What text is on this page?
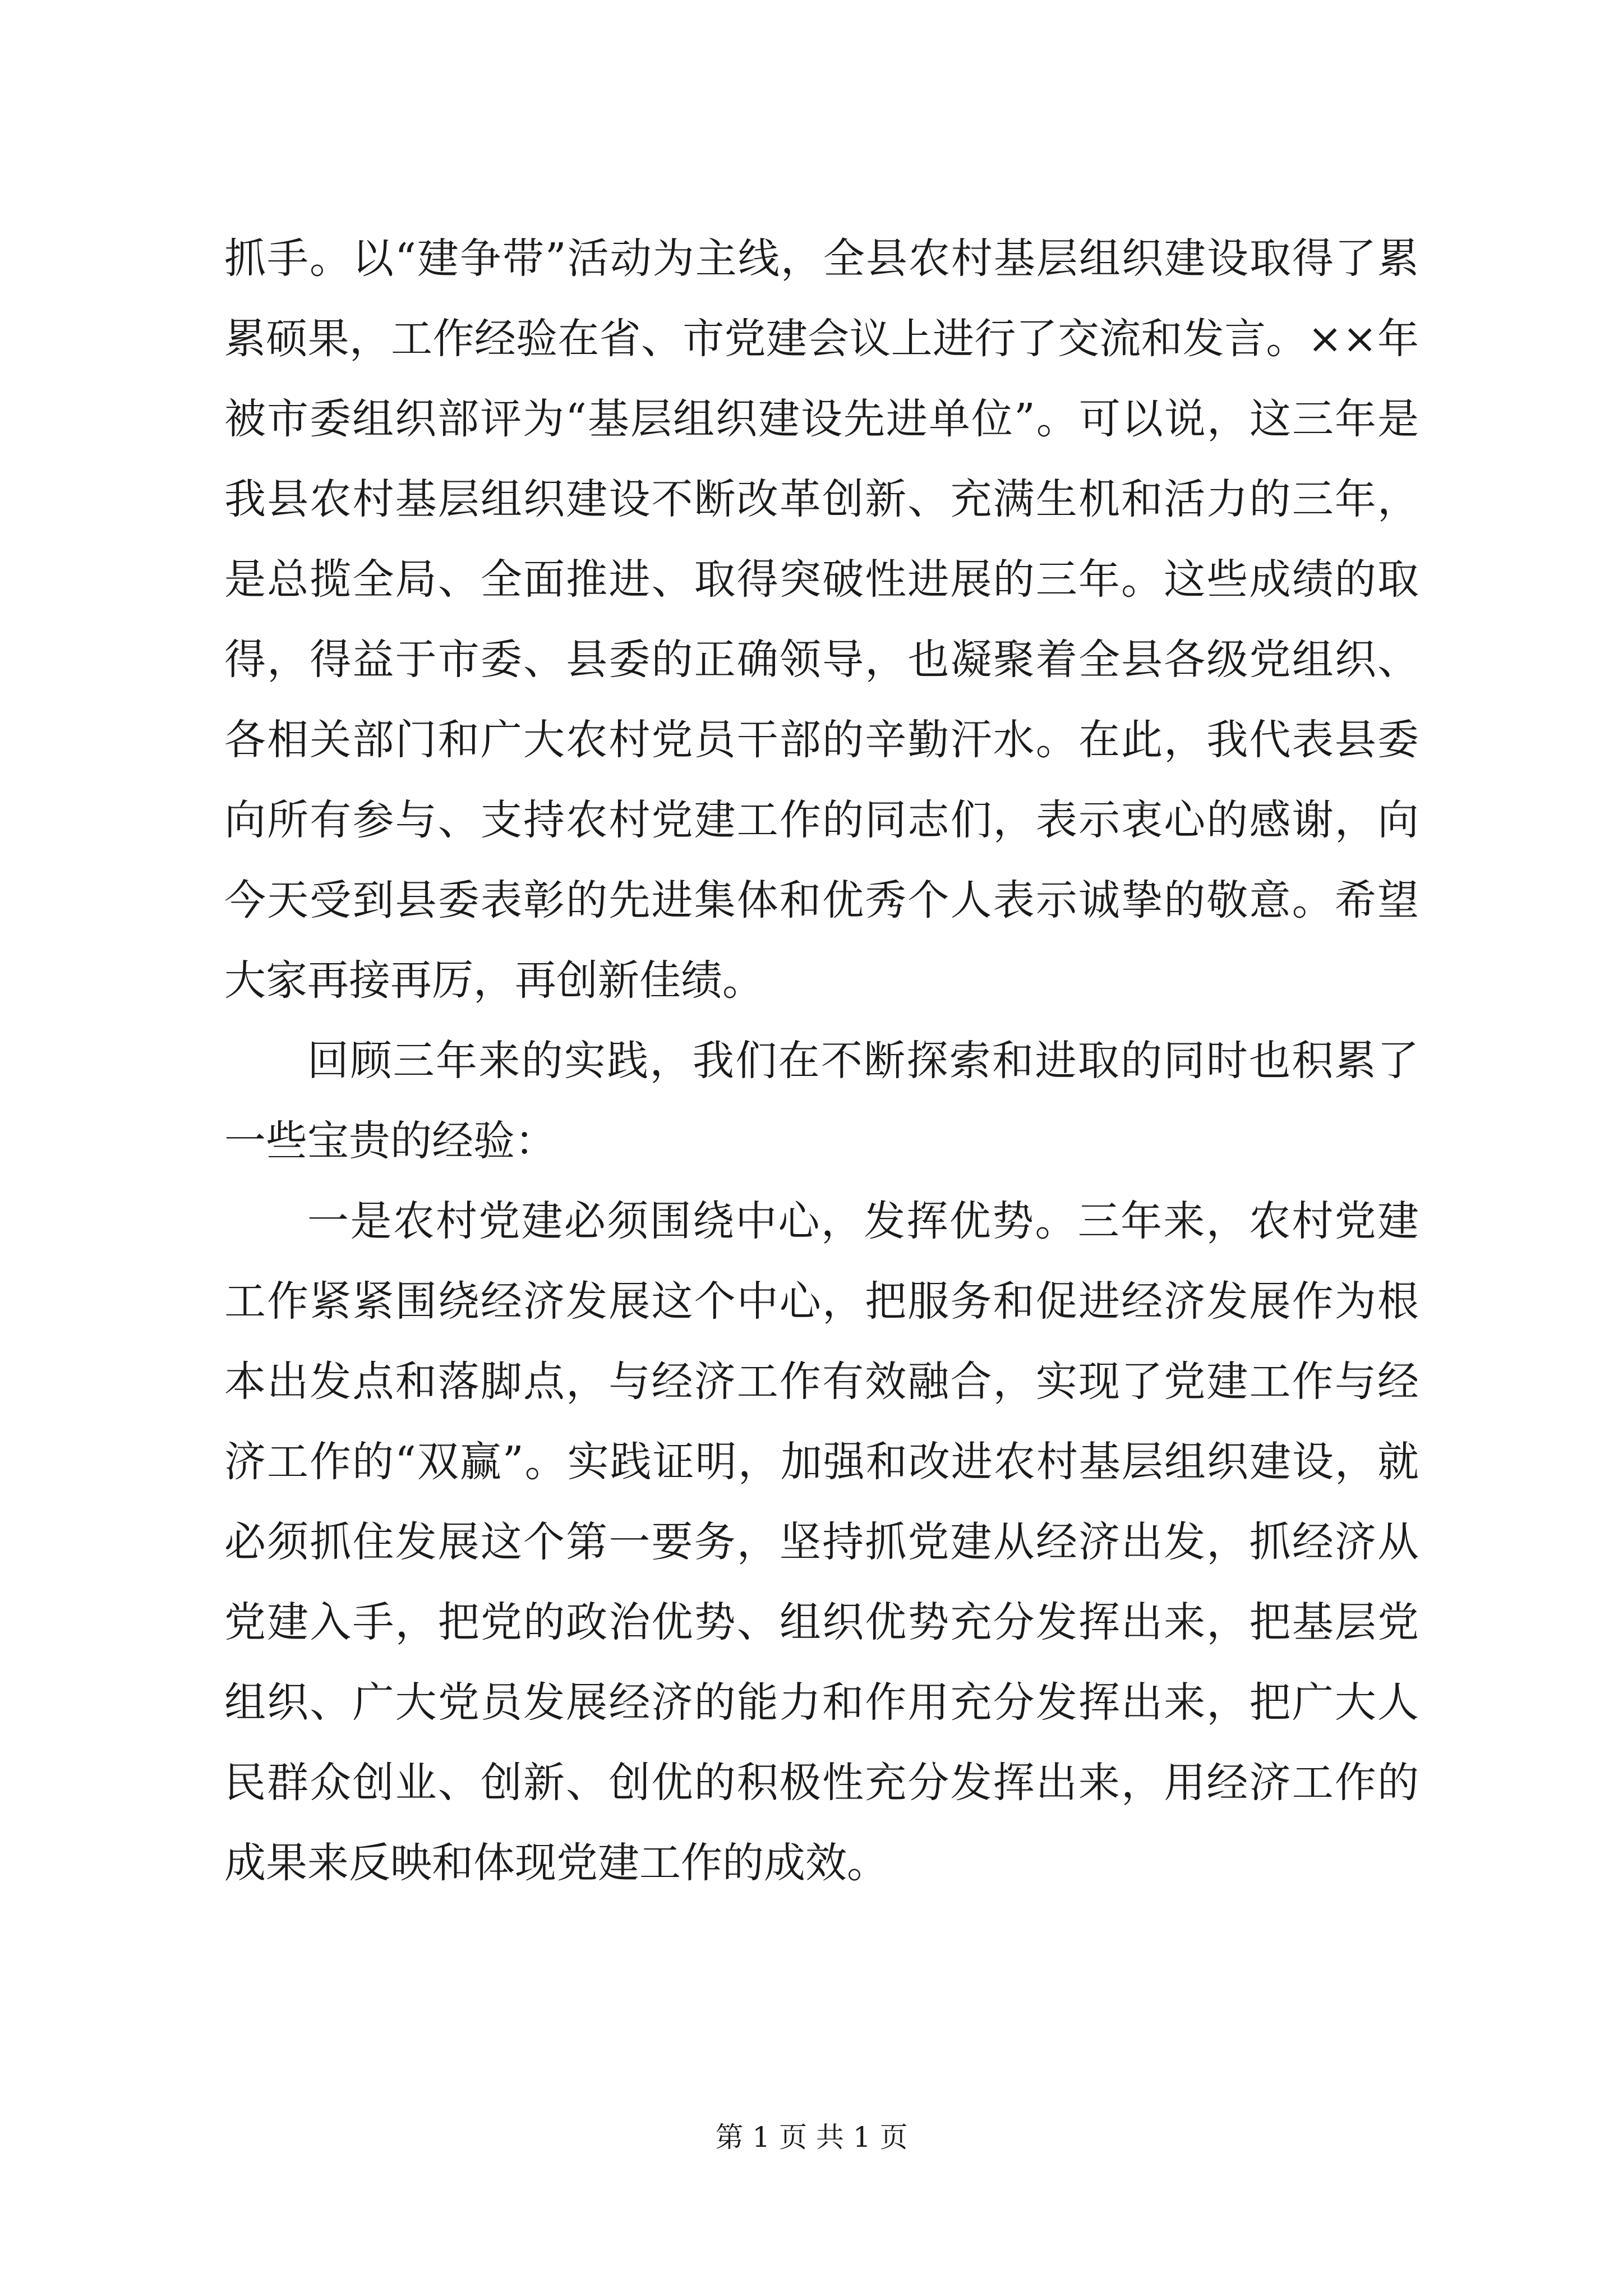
抓手。以“建争带”活动为主线，全县农村基层组织建设取得了累累硕果，工作经验在省、市党建会议上进行了交流和发言。××年被市委组织部评为“基层组织建设先进单位”。可以说，这三年是我县农村基层组织建设不断改革创新、充满生机和活力的三年，是总揽全局、全面推进、取得突破性进展的三年。这些成绩的取得，得益于市委、县委的正确领导，也凝聚着全县各级党组织、各相关部门和广大农村党员干部的辛勤汗水。在此，我代表县委向所有参与、支持农村党建工作的同志们，表示衷心的感谢，向今天受到县委表彰的先进集体和优秀个人表示诚挚的敬意。希望大家再接再厉，再创新佳绩。

回顾三年来的实践，我们在不断探索和进取的同时也积累了一些宝贵的经验：

一是农村党建必须围绕中心，发挥优势。三年来，农村党建工作紧紧围绕经济发展这个中心，把服务和促进经济发展作为根本出发点和落脚点，与经济工作有效融合，实现了党建工作与经济工作的“双赢”。实践证明，加强和改进农村基层组织建设，就必须抓住发展这个第一要务，坚持抓党建从经济出发，抓经济从党建入手，把党的政治优势、组织优势充分发挥出来，把基层党组织、广大党员发展经济的能力和作用充分发挥出来，把广大人民群众创业、创新、创优的积极性充分发挥出来，用经济工作的成果来反映和体现党建工作的成效。

第 1 页 共 1 页
